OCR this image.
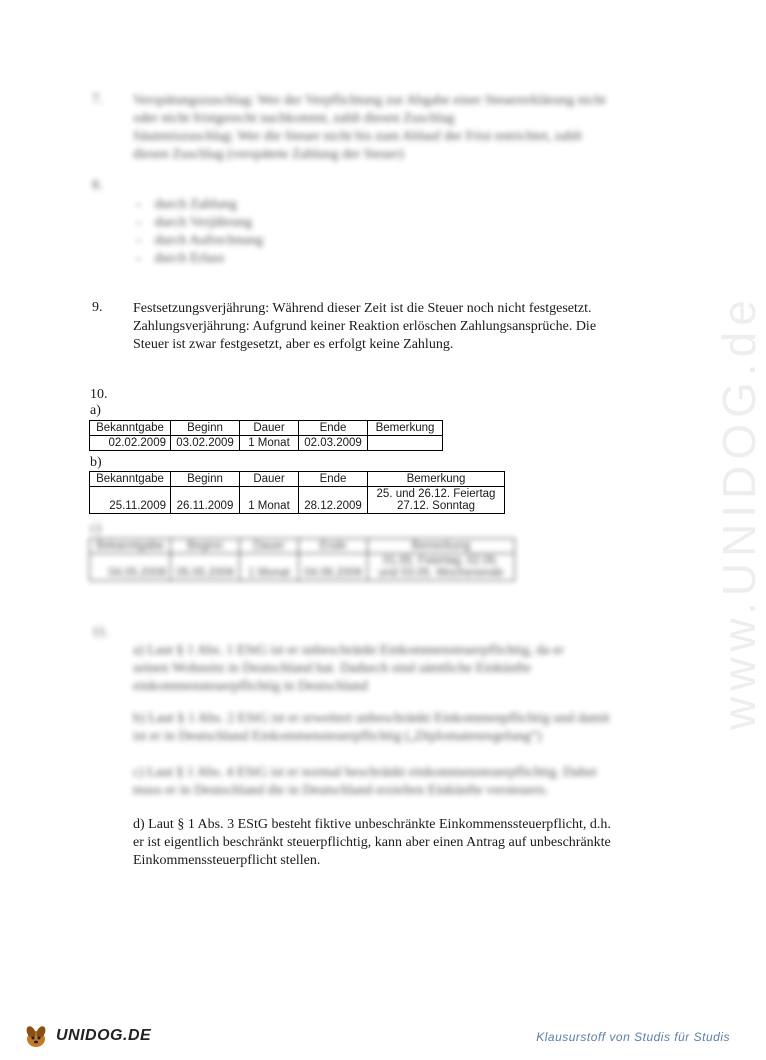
www.UNIDOG.de
7. Verspätungszuschlag: Wer der Verpflichtung zur Abgabe einer Steuererklärung nicht
oder nicht fristgerecht nachkommt, zahlt diesen Zuschlag
Säumniszuschlag: Wer die Steuer nicht bis zum Ablauf der Frist entrichtet, zahlt
diesen Zuschlag (verspätete Zahlung der Steuer)
8.
-    durch Zahlung
-    durch Verjährung
-    durch Aufrechnung
-    durch Erlass
9. Festsetzungsverjährung: Während dieser Zeit ist die Steuer noch nicht festgesetzt.
Zahlungsverjährung: Aufgrund keiner Reaktion erlöschen Zahlungsansprüche. Die
Steuer ist zwar festgesetzt, aber es erfolgt keine Zahlung.
10.
a)
Bekanntgabe	Beginn	Dauer	Ende	Bemerkung
02.02.2009	03.02.2009	1 Monat	02.03.2009	
b)
Bekanntgabe	Beginn	Dauer	Ende	Bemerkung
25.11.2009	26.11.2009	1 Monat	28.12.2009	25. und 26.12. Feiertag
27.12. Sonntag
c)
Bekanntgabe	Beginn	Dauer	Ende	Bemerkung
04.05.2009	05.05.2009	1 Monat	04.06.2009	01.05. Feiertag, 02.05.
und 03.05. Wochenende
11.
a) Laut § 1 Abs. 1 EStG ist er unbeschränkt Einkommensteuerpflichtig, da er
seinen Wohnsitz in Deutschland hat. Dadurch sind sämtliche Einkünfte
einkommensteuerpflichtig in Deutschland
b) Laut § 1 Abs. 2 EStG ist er erweitert unbeschränkt Einkommenpflichtig und damit
ist er in Deutschland Einkommensteuerpflichtig („Diplomatenregelung“)
c) Laut § 1 Abs. 4 EStG ist er normal beschränkt einkommensteuerpflichtig. Daher
muss er in Deutschland die in Deutschland erzielten Einkünfte versteuern.
d) Laut § 1 Abs. 3 EStG besteht fiktive unbeschränkte Einkommenssteuerpflicht, d.h.
er ist eigentlich beschränkt steuerpflichtig, kann aber einen Antrag auf unbeschränkte
Einkommenssteuerpflicht stellen.
UNIDOG.DE	Klausurstoff von Studis für Studis
